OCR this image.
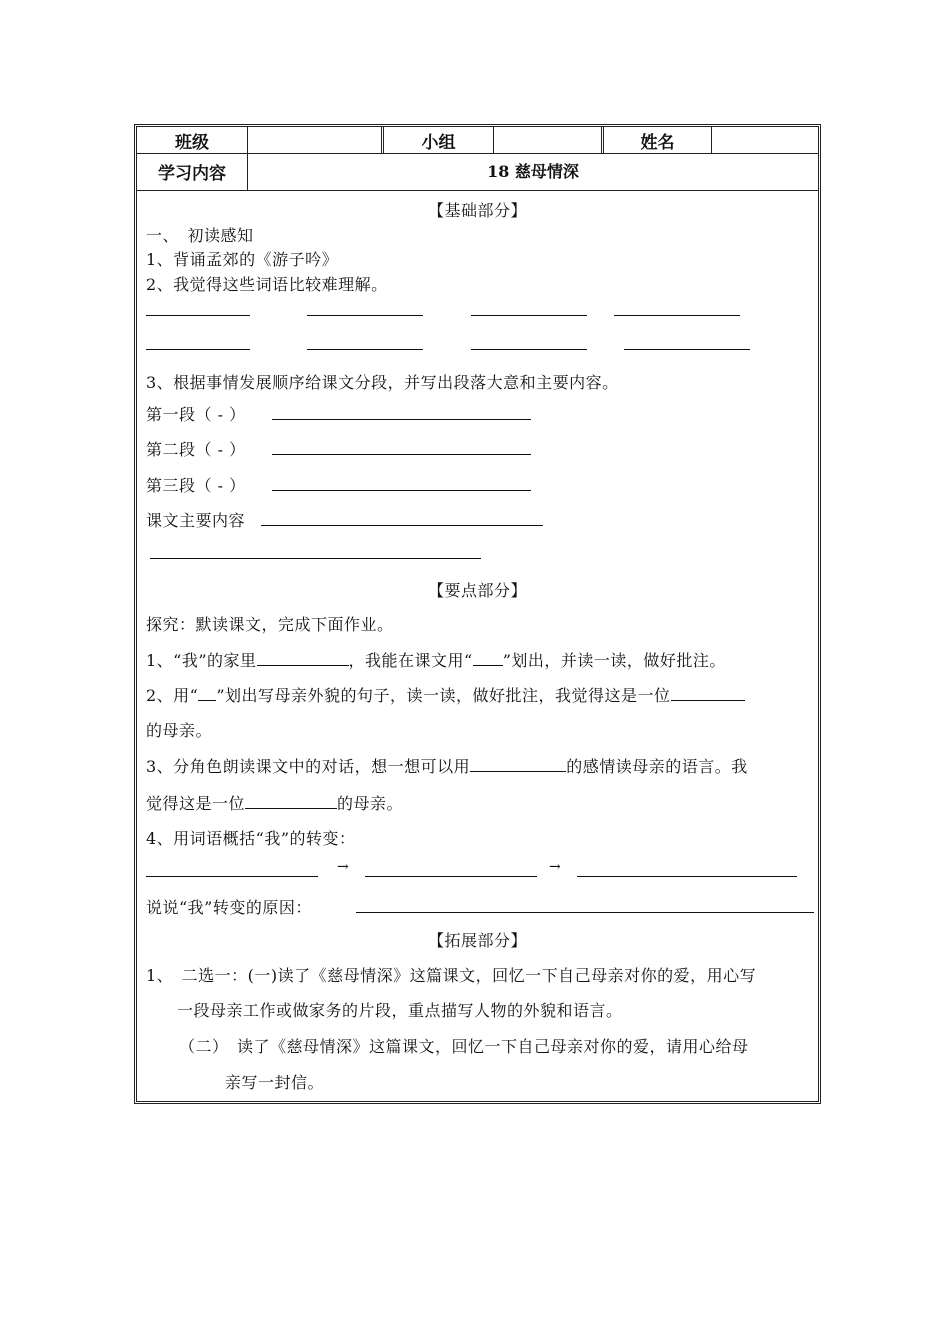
班级	小组	姓名
学习内容	18 慈母情深
【基础部分】
一、　初读感知
1、背诵孟郊的《游子吟》
2、我觉得这些词语比较难理解。
3、根据事情发展顺序给课文分段，并写出段落大意和主要内容。
第一段（ - ）
第二段（ - ）
第三段（ - ）
课文主要内容
【要点部分】
探究：默读课文，完成下面作业。
1、“我”的家里	，我能在课文用“ ”划出，并读一读，做好批注。
2、用“ ”划出写母亲外貌的句子，读一读，做好批注，我觉得这是一位
的母亲。
3、分角色朗读课文中的对话，想一想可以用	的感情读母亲的语言。我
觉得这是一位	的母亲。
4、用词语概括“我”的转变：
→	→
说说“我”转变的原因：
【拓展部分】
1、　二选一：(一)读了《慈母情深》这篇课文，回忆一下自己母亲对你的爱，用心写
一段母亲工作或做家务的片段，重点描写人物的外貌和语言。
（二）　读了《慈母情深》这篇课文，回忆一下自己母亲对你的爱，请用心给母
亲写一封信。
